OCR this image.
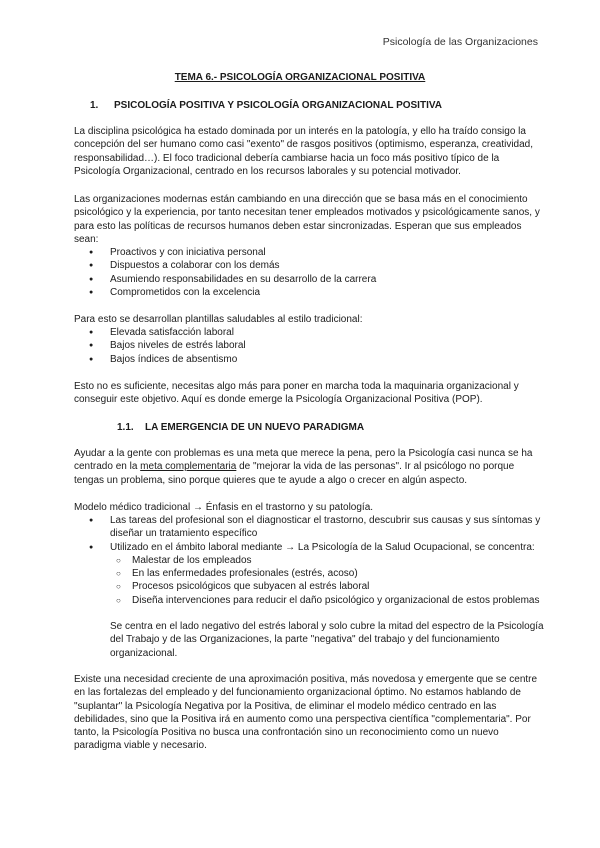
Psicología de las Organizaciones
TEMA 6.- PSICOLOGÍA ORGANIZACIONAL POSITIVA
1. PSICOLOGÍA POSITIVA Y PSICOLOGÍA ORGANIZACIONAL POSITIVA

La disciplina psicológica ha estado dominada por un interés en la patología, y ello ha traído consigo la concepción del ser humano como casi "exento" de rasgos positivos (optimismo, esperanza, creatividad, responsabilidad…). El foco tradicional debería cambiarse hacia un foco más positivo típico de la Psicología Organizacional, centrado en los recursos laborales y su potencial motivador.

Las organizaciones modernas están cambiando en una dirección que se basa más en el conocimiento psicológico y la experiencia, por tanto necesitan tener empleados motivados y psicológicamente sanos, y para esto las políticas de recursos humanos deben estar sincronizadas. Esperan que sus empleados sean:

● Proactivos y con iniciativa personal
● Dispuestos a colaborar con los demás
● Asumiendo responsabilidades en su desarrollo de la carrera
● Comprometidos con la excelencia

Para esto se desarrollan plantillas saludables al estilo tradicional:

● Elevada satisfacción laboral
● Bajos niveles de estrés laboral
● Bajos índices de absentismo

Esto no es suficiente, necesitas algo más para poner en marcha toda la maquinaria organizacional y conseguir este objetivo. Aquí es donde emerge la Psicología Organizacional Positiva (POP).

1.1. LA EMERGENCIA DE UN NUEVO PARADIGMA

Ayudar a la gente con problemas es una meta que merece la pena, pero la Psicología casi nunca se ha centrado en la meta complementaria de "mejorar la vida de las personas". Ir al psicólogo no porque tengas un problema, sino porque quieres que te ayude a algo o crecer en algún aspecto.

Modelo médico tradicional → Énfasis en el trastorno y su patología.

● Las tareas del profesional son el diagnosticar el trastorno, descubrir sus causas y sus síntomas y diseñar un tratamiento específico
● Utilizado en el ámbito laboral mediante → La Psicología de la Salud Ocupacional, se concentra:
○ Malestar de los empleados
○ En las enfermedades profesionales (estrés, acoso)
○ Procesos psicológicos que subyacen al estrés laboral
○ Diseña intervenciones para reducir el daño psicológico y organizacional de estos problemas

Se centra en el lado negativo del estrés laboral y solo cubre la mitad del espectro de la Psicología del Trabajo y de las Organizaciones, la parte "negativa" del trabajo y del funcionamiento organizacional.

Existe una necesidad creciente de una aproximación positiva, más novedosa y emergente que se centre en las fortalezas del empleado y del funcionamiento organizacional óptimo. No estamos hablando de "suplantar" la Psicología Negativa por la Positiva, de eliminar el modelo médico centrado en las debilidades, sino que la Positiva irá en aumento como una perspectiva científica "complementaria". Por tanto, la Psicología Positiva no busca una confrontación sino un reconocimiento como un nuevo paradigma viable y necesario.
